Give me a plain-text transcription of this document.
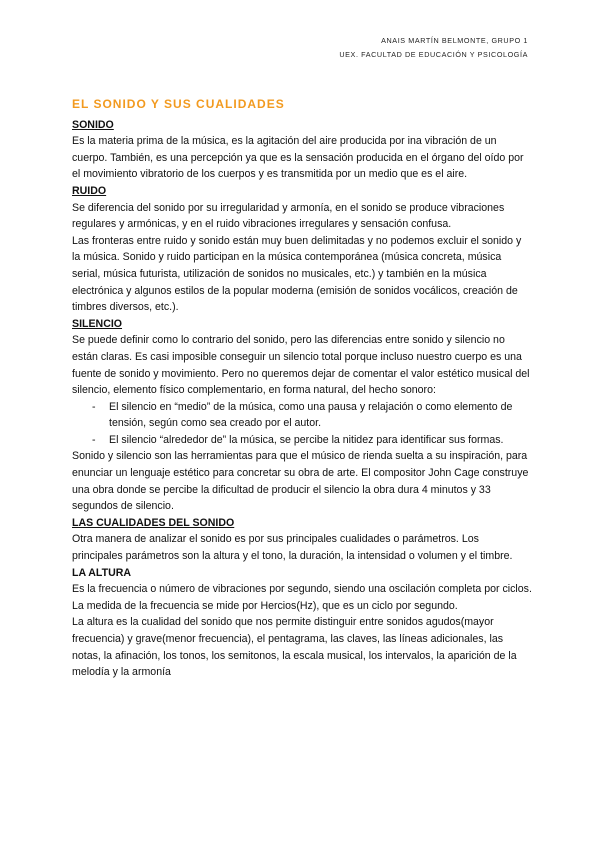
ANAIS MARTÍN BELMONTE, GRUPO 1
UEX. FACULTAD DE EDUCACIÓN Y PSICOLOGÍA
EL SONIDO Y SUS CUALIDADES
SONIDO

Es la materia prima de la música, es la agitación del aire producida por ina vibración de un cuerpo. También, es una percepción ya que es la sensación producida en el órgano del oído por el movimiento vibratorio de los cuerpos y es transmitida por un medio que es el aire.

RUIDO

Se diferencia del sonido por su irregularidad y armonía, en el sonido se produce vibraciones regulares y armónicas, y en el ruido vibraciones irregulares y sensación confusa.

Las fronteras entre ruido y sonido están muy buen delimitadas y no podemos excluir el sonido y la música. Sonido y ruido participan en la música contemporánea (música concreta, música serial, música futurista, utilización de sonidos no musicales, etc.) y también en la música electrónica y algunos estilos de la popular moderna (emisión de sonidos vocálicos, creación de timbres diversos, etc.).

SILENCIO

Se puede definir como lo contrario del sonido, pero las diferencias entre sonido y silencio no están claras. Es casi imposible conseguir un silencio total porque incluso nuestro cuerpo es una fuente de sonido y movimiento. Pero no queremos dejar de comentar el valor estético musical del silencio, elemento físico complementario, en forma natural, del hecho sonoro:

- El silencio en “medio” de la música, como una pausa y relajación o como elemento de tensión, según como sea creado por el autor.
- El silencio “alrededor de” la música, se percibe la nitidez para identificar sus formas.

Sonido y silencio son las herramientas para que el músico de rienda suelta a su inspiración, para enunciar un lenguaje estético para concretar su obra de arte. El compositor John Cage construye una obra donde se percibe la dificultad de producir el silencio la obra dura 4 minutos y 33 segundos de silencio.

LAS CUALIDADES DEL SONIDO

Otra manera de analizar el sonido es por sus principales cualidades o parámetros. Los principales parámetros son la altura y el tono, la duración, la intensidad o volumen y el timbre.

LA ALTURA

Es la frecuencia o número de vibraciones por segundo, siendo una oscilación completa por ciclos. La medida de la frecuencia se mide por Hercios(Hz), que es un ciclo por segundo.

La altura es la cualidad del sonido que nos permite distinguir entre sonidos agudos(mayor frecuencia) y grave(menor frecuencia), el pentagrama, las claves, las líneas adicionales, las notas, la afinación, los tonos, los semitonos, la escala musical, los intervalos, la aparición de la melodía y la armonía
